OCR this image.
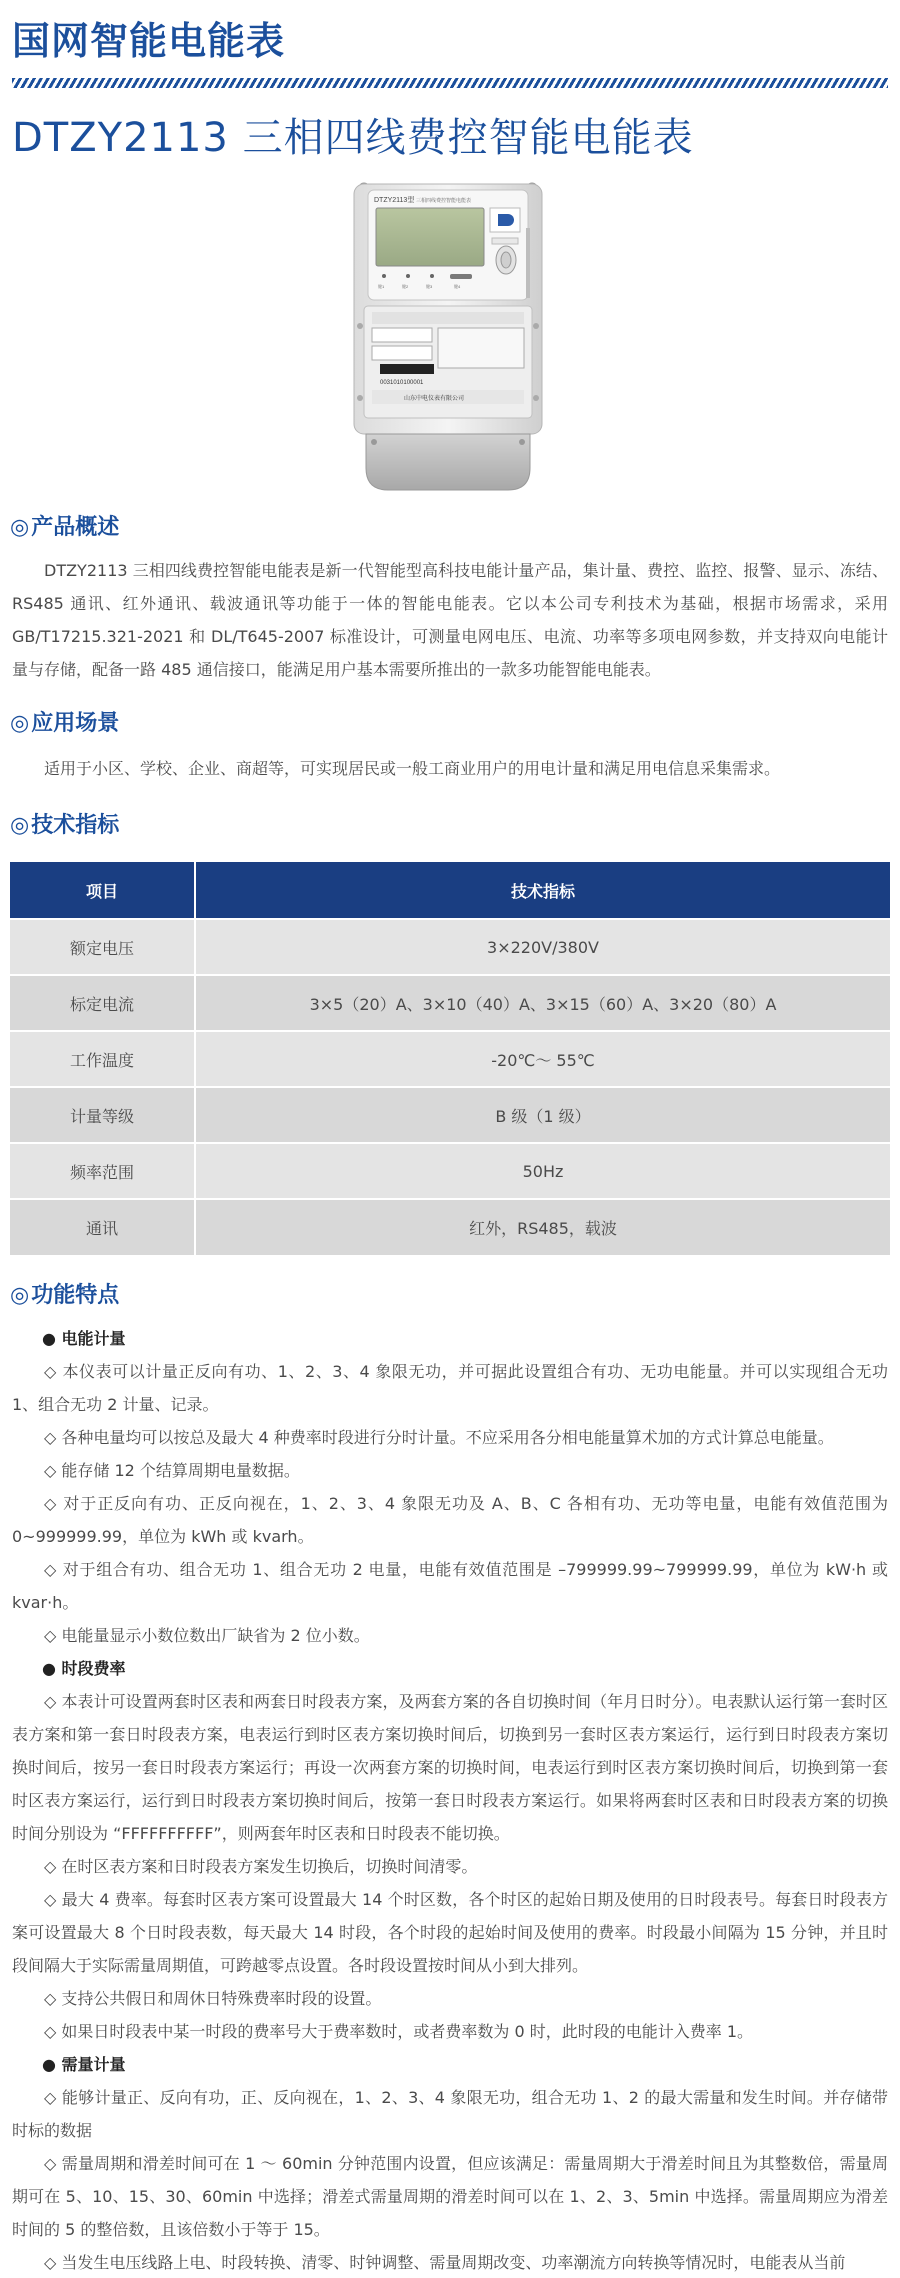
国网智能电能表
DTZY2113 三相四线费控智能电能表
DTZY2113型 三相四线费控智能电能表
键1	键2	键3	键4
0031010100001
山东中电仪表有限公司
◎产品概述

DTZY2113 三相四线费控智能电能表是新一代智能型高科技电能计量产品，集计量、费控、监控、报警、显示、冻结、RS485 通讯、红外通讯、载波通讯等功能于一体的智能电能表。它以本公司专利技术为基础，根据市场需求，采用 GB/T17215.321-2021 和 DL/T645-2007 标准设计，可测量电网电压、电流、功率等多项电网参数，并支持双向电能计量与存储，配备一路 485 通信接口，能满足用户基本需要所推出的一款多功能智能电能表。

◎应用场景

适用于小区、学校、企业、商超等，可实现居民或一般工商业用户的用电计量和满足用电信息采集需求。

◎技术指标
项目	技术指标
额定电压	3×220V/380V
标定电流	3×5（20）A、3×10（40）A、3×15（60）A、3×20（80）A
工作温度	-20℃～ 55℃
计量等级	B 级（1 级）
频率范围	50Hz
通讯	红外，RS485，载波
◎功能特点
● 电能计量
◇ 本仪表可以计量正反向有功、1、2、3、4 象限无功，并可据此设置组合有功、无功电能量。并可以实现组合无功 1、组合无功 2 计量、记录。
◇ 各种电量均可以按总及最大 4 种费率时段进行分时计量。不应采用各分相电能量算术加的方式计算总电能量。
◇ 能存储 12 个结算周期电量数据。
◇ 对于正反向有功、正反向视在，1、2、3、4 象限无功及 A、B、C 各相有功、无功等电量，电能有效值范围为 0~999999.99，单位为 kWh 或 kvarh。
◇ 对于组合有功、组合无功 1、组合无功 2 电量，电能有效值范围是 –799999.99~799999.99，单位为 kW·h 或 kvar·h。
◇ 电能量显示小数位数出厂缺省为 2 位小数。
● 时段费率
◇ 本表计可设置两套时区表和两套日时段表方案，及两套方案的各自切换时间（年月日时分）。电表默认运行第一套时区表方案和第一套日时段表方案，电表运行到时区表方案切换时间后，切换到另一套时区表方案运行，运行到日时段表方案切换时间后，按另一套日时段表方案运行；再设一次两套方案的切换时间，电表运行到时区表方案切换时间后，切换到第一套时区表方案运行，运行到日时段表方案切换时间后，按第一套日时段表方案运行。如果将两套时区表和日时段表方案的切换时间分别设为 “FFFFFFFFFF”，则两套年时区表和日时段表不能切换。
◇ 在时区表方案和日时段表方案发生切换后，切换时间清零。
◇ 最大 4 费率。每套时区表方案可设置最大 14 个时区数，各个时区的起始日期及使用的日时段表号。每套日时段表方案可设置最大 8 个日时段表数，每天最大 14 时段，各个时段的起始时间及使用的费率。时段最小间隔为 15 分钟，并且时段间隔大于实际需量周期值，可跨越零点设置。各时段设置按时间从小到大排列。
◇ 支持公共假日和周休日特殊费率时段的设置。
◇ 如果日时段表中某一时段的费率号大于费率数时，或者费率数为 0 时，此时段的电能计入费率 1。
● 需量计量
◇ 能够计量正、反向有功，正、反向视在，1、2、3、4 象限无功，组合无功 1、2 的最大需量和发生时间。并存储带时标的数据
◇ 需量周期和滑差时间可在 1 ～ 60min 分钟范围内设置，但应该满足：需量周期大于滑差时间且为其整数倍，需量周期可在 5、10、15、30、60min 中选择；滑差式需量周期的滑差时间可以在 1、2、3、5min 中选择。需量周期应为滑差时间的 5 的整倍数，且该倍数小于等于 15。
◇ 当发生电压线路上电、时段转换、清零、时钟调整、需量周期改变、功率潮流方向转换等情况时，电能表从当前
